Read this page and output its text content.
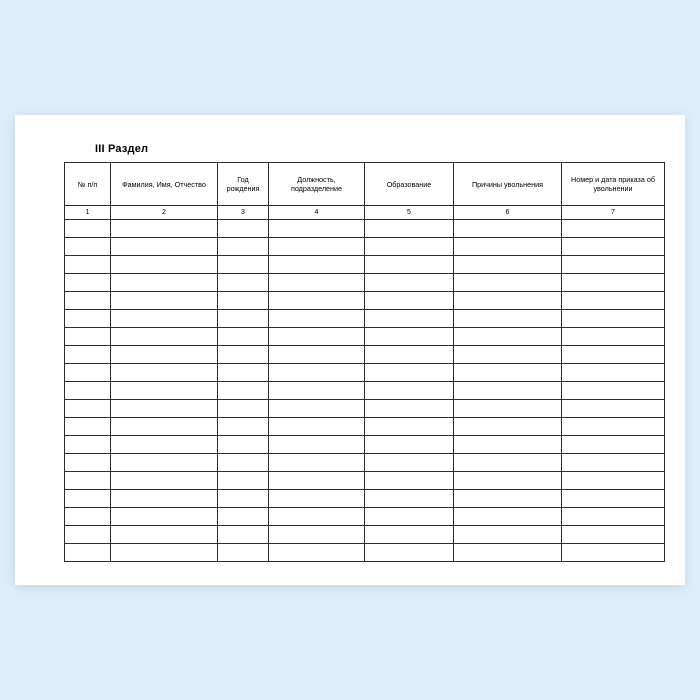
III Раздел
№ п/п	Фамилия, Имя, Отчество	Год рождения	Должность, подразделение	Образование	Причины увольнения	Номер и дата приказа об увольнении
1	2	3	4	5	6	7
